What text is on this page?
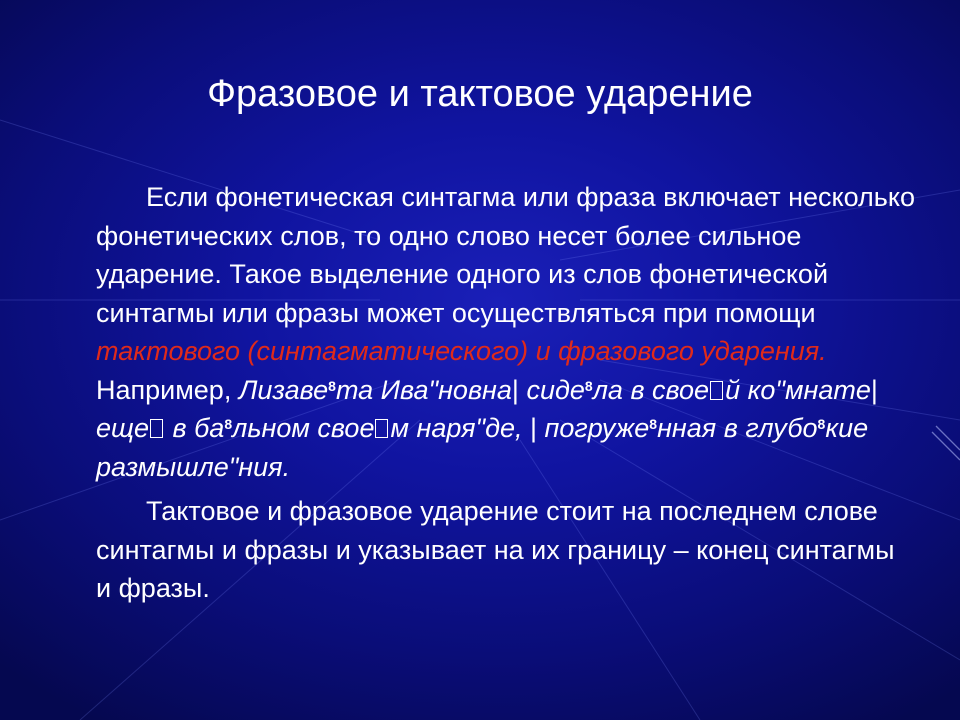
Фразовое и тактовое ударение

Если фонетическая синтагма или фраза включает несколько фонетических слов, то одно слово несет более сильное ударение. Такое выделение одного из слов фонетической синтагмы или фразы может осуществляться при помощи тактового (синтагматического) и фразового ударения. Например, Лизаве$^8$та Ива"новна| сиде$^8$ла в свое й ко"мнате| еще в $ба^8льном$ свое м наря"де, | погруже$^8$нная в глубо$^8$кие размышле"ния.

Тактовое и фразовое ударение стоит на последнем слове синтагмы и фразы и указывает на их границу – конец синтагмы и фразы.
